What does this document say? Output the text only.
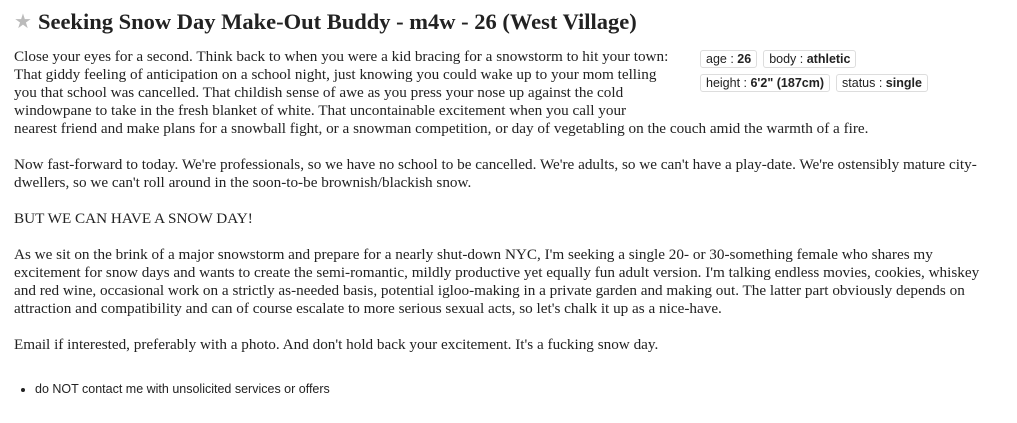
★ Seeking Snow Day Make-Out Buddy - m4w - 26 (West Village)
age : 26	body : athletic
height : 6'2" (187cm)	status : single

Close your eyes for a second. Think back to when you were a kid bracing for a snowstorm to hit your town: That giddy feeling of anticipation on a school night, just knowing you could wake up to your mom telling you that school was cancelled. That childish sense of awe as you press your nose up against the cold windowpane to take in the fresh blanket of white. That uncontainable excitement when you call your nearest friend and make plans for a snowball fight, or a snowman competition, or day of vegetabling on the couch amid the warmth of a fire.

Now fast-forward to today. We're professionals, so we have no school to be cancelled. We're adults, so we can't have a play-date. We're ostensibly mature city-dwellers, so we can't roll around in the soon-to-be brownish/blackish snow.

BUT WE CAN HAVE A SNOW DAY!

As we sit on the brink of a major snowstorm and prepare for a nearly shut-down NYC, I'm seeking a single 20- or 30-something female who shares my excitement for snow days and wants to create the semi-romantic, mildly productive yet equally fun adult version. I'm talking endless movies, cookies, whiskey and red wine, occasional work on a strictly as-needed basis, potential igloo-making in a private garden and making out. The latter part obviously depends on attraction and compatibility and can of course escalate to more serious sexual acts, so let's chalk it up as a nice-have.

Email if interested, preferably with a photo. And don't hold back your excitement. It's a fucking snow day.

• do NOT contact me with unsolicited services or offers
